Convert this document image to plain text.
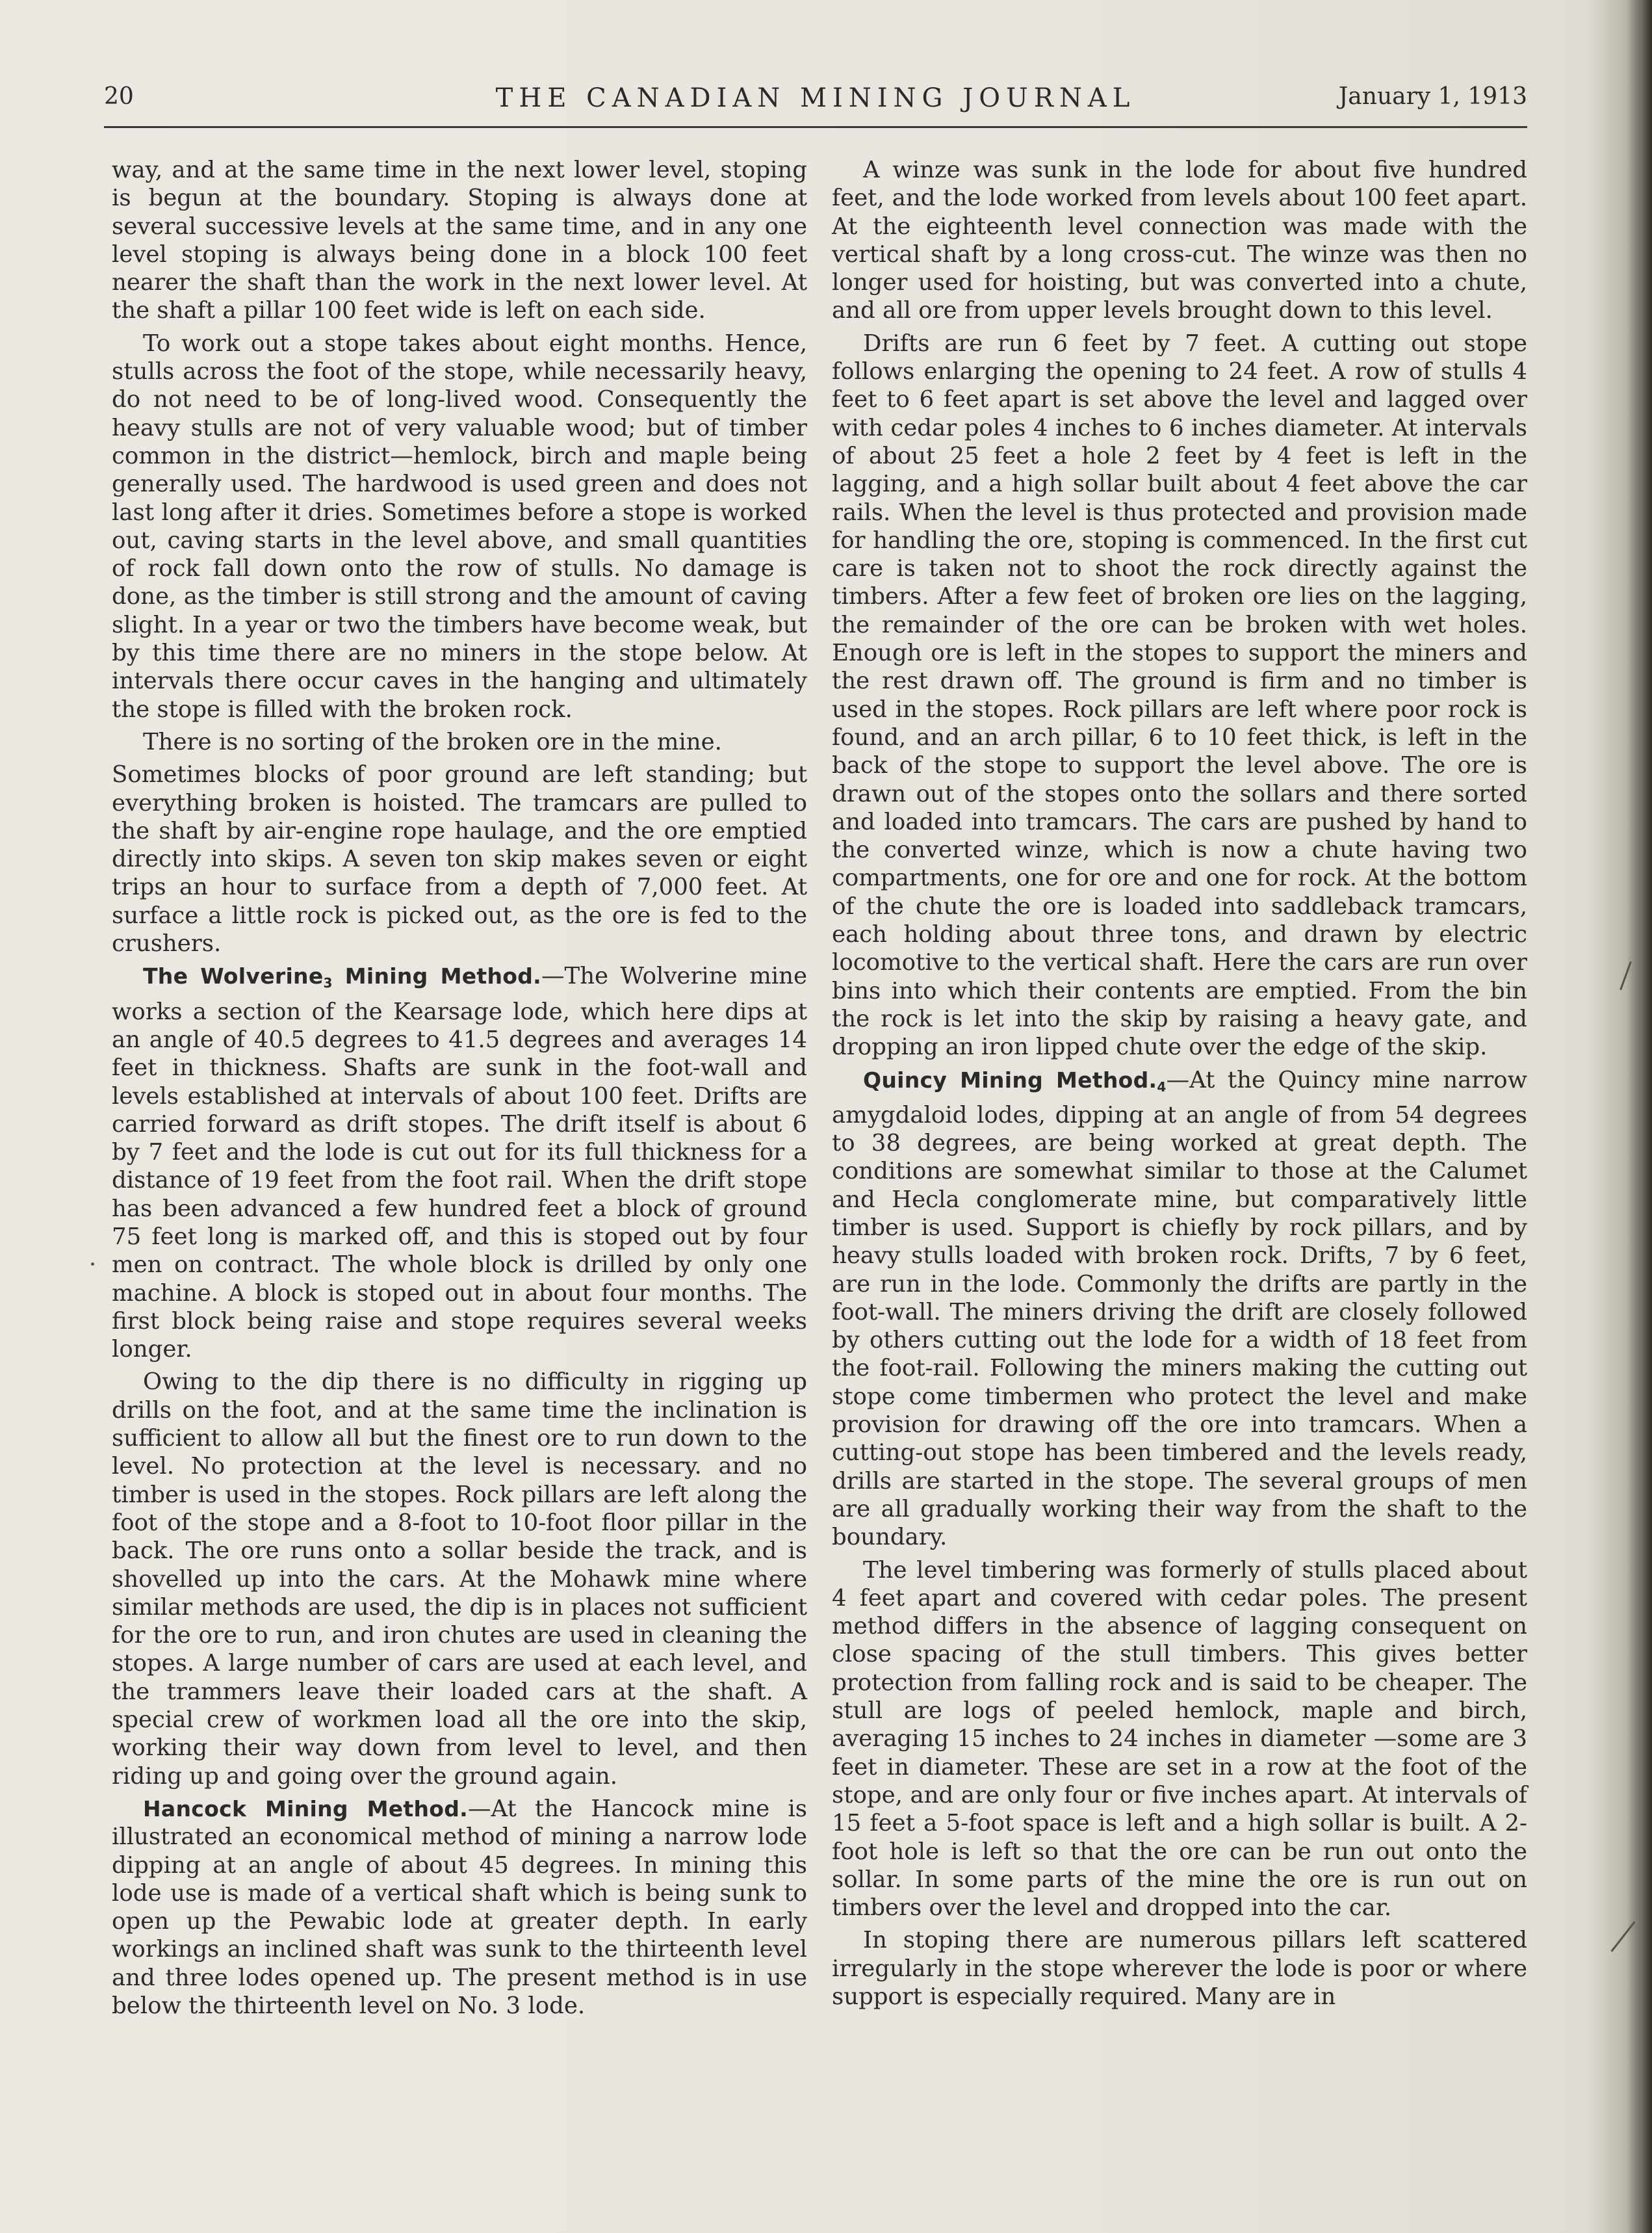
20	THE CANADIAN MINING JOURNAL	January 1, 1913

way, and at the same time in the next lower level, stoping is begun at the boundary. Stoping is always done at several successive levels at the same time, and in any one level stoping is always being done in a block 100 feet nearer the shaft than the work in the next lower level. At the shaft a pillar 100 feet wide is left on each side.

To work out a stope takes about eight months. Hence, stulls across the foot of the stope, while necessarily heavy, do not need to be of long-lived wood. Consequently the heavy stulls are not of very valuable wood; but of timber common in the district—hemlock, birch and maple being generally used. The hardwood is used green and does not last long after it dries. Sometimes before a stope is worked out, caving starts in the level above, and small quantities of rock fall down onto the row of stulls. No damage is done, as the timber is still strong and the amount of caving slight. In a year or two the timbers have become weak, but by this time there are no miners in the stope below. At intervals there occur caves in the hanging and ultimately the stope is filled with the broken rock.

There is no sorting of the broken ore in the mine.

Sometimes blocks of poor ground are left standing; but everything broken is hoisted. The tramcars are pulled to the shaft by air-engine rope haulage, and the ore emptied directly into skips. A seven ton skip makes seven or eight trips an hour to surface from a depth of 7,000 feet. At surface a little rock is picked out, as the ore is fed to the crushers.

The Wolverine$_3$ Mining Method.—The Wolverine mine works a section of the Kearsage lode, which here dips at an angle of 40.5 degrees to 41.5 degrees and averages 14 feet in thickness. Shafts are sunk in the foot-wall and levels established at intervals of about 100 feet. Drifts are carried forward as drift stopes. The drift itself is about 6 by 7 feet and the lode is cut out for its full thickness for a distance of 19 feet from the foot rail. When the drift stope has been advanced a few hundred feet a block of ground 75 feet long is marked off, and this is stoped out by four men on contract. The whole block is drilled by only one machine. A block is stoped out in about four months. The first block being raise and stope requires several weeks longer.

Owing to the dip there is no difficulty in rigging up drills on the foot, and at the same time the inclination is sufficient to allow all but the finest ore to run down to the level. No protection at the level is necessary. and no timber is used in the stopes. Rock pillars are left along the foot of the stope and a 8-foot to 10-foot floor pillar in the back. The ore runs onto a sollar beside the track, and is shovelled up into the cars. At the Mohawk mine where similar methods are used, the dip is in places not sufficient for the ore to run, and iron chutes are used in cleaning the stopes. A large number of cars are used at each level, and the trammers leave their loaded cars at the shaft. A special crew of workmen load all the ore into the skip, working their way down from level to level, and then riding up and going over the ground again.

Hancock Mining Method.—At the Hancock mine is illustrated an economical method of mining a narrow lode dipping at an angle of about 45 degrees. In mining this lode use is made of a vertical shaft which is being sunk to open up the Pewabic lode at greater depth. In early workings an inclined shaft was sunk to the thirteenth level and three lodes opened up. The present method is in use below the thirteenth level on No. 3 lode.

A winze was sunk in the lode for about five hundred feet, and the lode worked from levels about 100 feet apart. At the eighteenth level connection was made with the vertical shaft by a long cross-cut. The winze was then no longer used for hoisting, but was converted into a chute, and all ore from upper levels brought down to this level.

Drifts are run 6 feet by 7 feet. A cutting out stope follows enlarging the opening to 24 feet. A row of stulls 4 feet to 6 feet apart is set above the level and lagged over with cedar poles 4 inches to 6 inches diameter. At intervals of about 25 feet a hole 2 feet by 4 feet is left in the lagging, and a high sollar built about 4 feet above the car rails. When the level is thus protected and provision made for handling the ore, stoping is commenced. In the first cut care is taken not to shoot the rock directly against the timbers. After a few feet of broken ore lies on the lagging, the remainder of the ore can be broken with wet holes. Enough ore is left in the stopes to support the miners and the rest drawn off. The ground is firm and no timber is used in the stopes. Rock pillars are left where poor rock is found, and an arch pillar, 6 to 10 feet thick, is left in the back of the stope to support the level above. The ore is drawn out of the stopes onto the sollars and there sorted and loaded into tramcars. The cars are pushed by hand to the converted winze, which is now a chute having two compartments, one for ore and one for rock. At the bottom of the chute the ore is loaded into saddleback tramcars, each holding about three tons, and drawn by electric locomotive to the vertical shaft. Here the cars are run over bins into which their contents are emptied. From the bin the rock is let into the skip by raising a heavy gate, and dropping an iron lipped chute over the edge of the skip.

Quincy Mining $Method._4—At$ the Quincy mine narrow amygdaloid lodes, dipping at an angle of from 54 degrees to 38 degrees, are being worked at great depth. The conditions are somewhat similar to those at the Calumet and Hecla conglomerate mine, but comparatively little timber is used. Support is chiefly by rock pillars, and by heavy stulls loaded with broken rock. Drifts, 7 by 6 feet, are run in the lode. Commonly the drifts are partly in the foot-wall. The miners driving the drift are closely followed by others cutting out the lode for a width of 18 feet from the foot-rail. Following the miners making the cutting out stope come timbermen who protect the level and make provision for drawing off the ore into tramcars. When a cutting-out stope has been timbered and the levels ready, drills are started in the stope. The several groups of men are all gradually working their way from the shaft to the boundary.

The level timbering was formerly of stulls placed about 4 feet apart and covered with cedar poles. The present method differs in the absence of lagging consequent on close spacing of the stull timbers. This gives better protection from falling rock and is said to be cheaper. The stull are logs of peeled hemlock, maple and birch, averaging 15 inches to 24 inches in diameter —some are 3 feet in diameter. These are set in a row at the foot of the stope, and are only four or five inches apart. At intervals of 15 feet a 5-foot space is left and a high sollar is built. A 2-foot hole is left so that the ore can be run out onto the sollar. In some parts of the mine the ore is run out on timbers over the level and dropped into the car.

In stoping there are numerous pillars left scattered irregularly in the stope wherever the lode is poor or where support is especially required. Many are in
